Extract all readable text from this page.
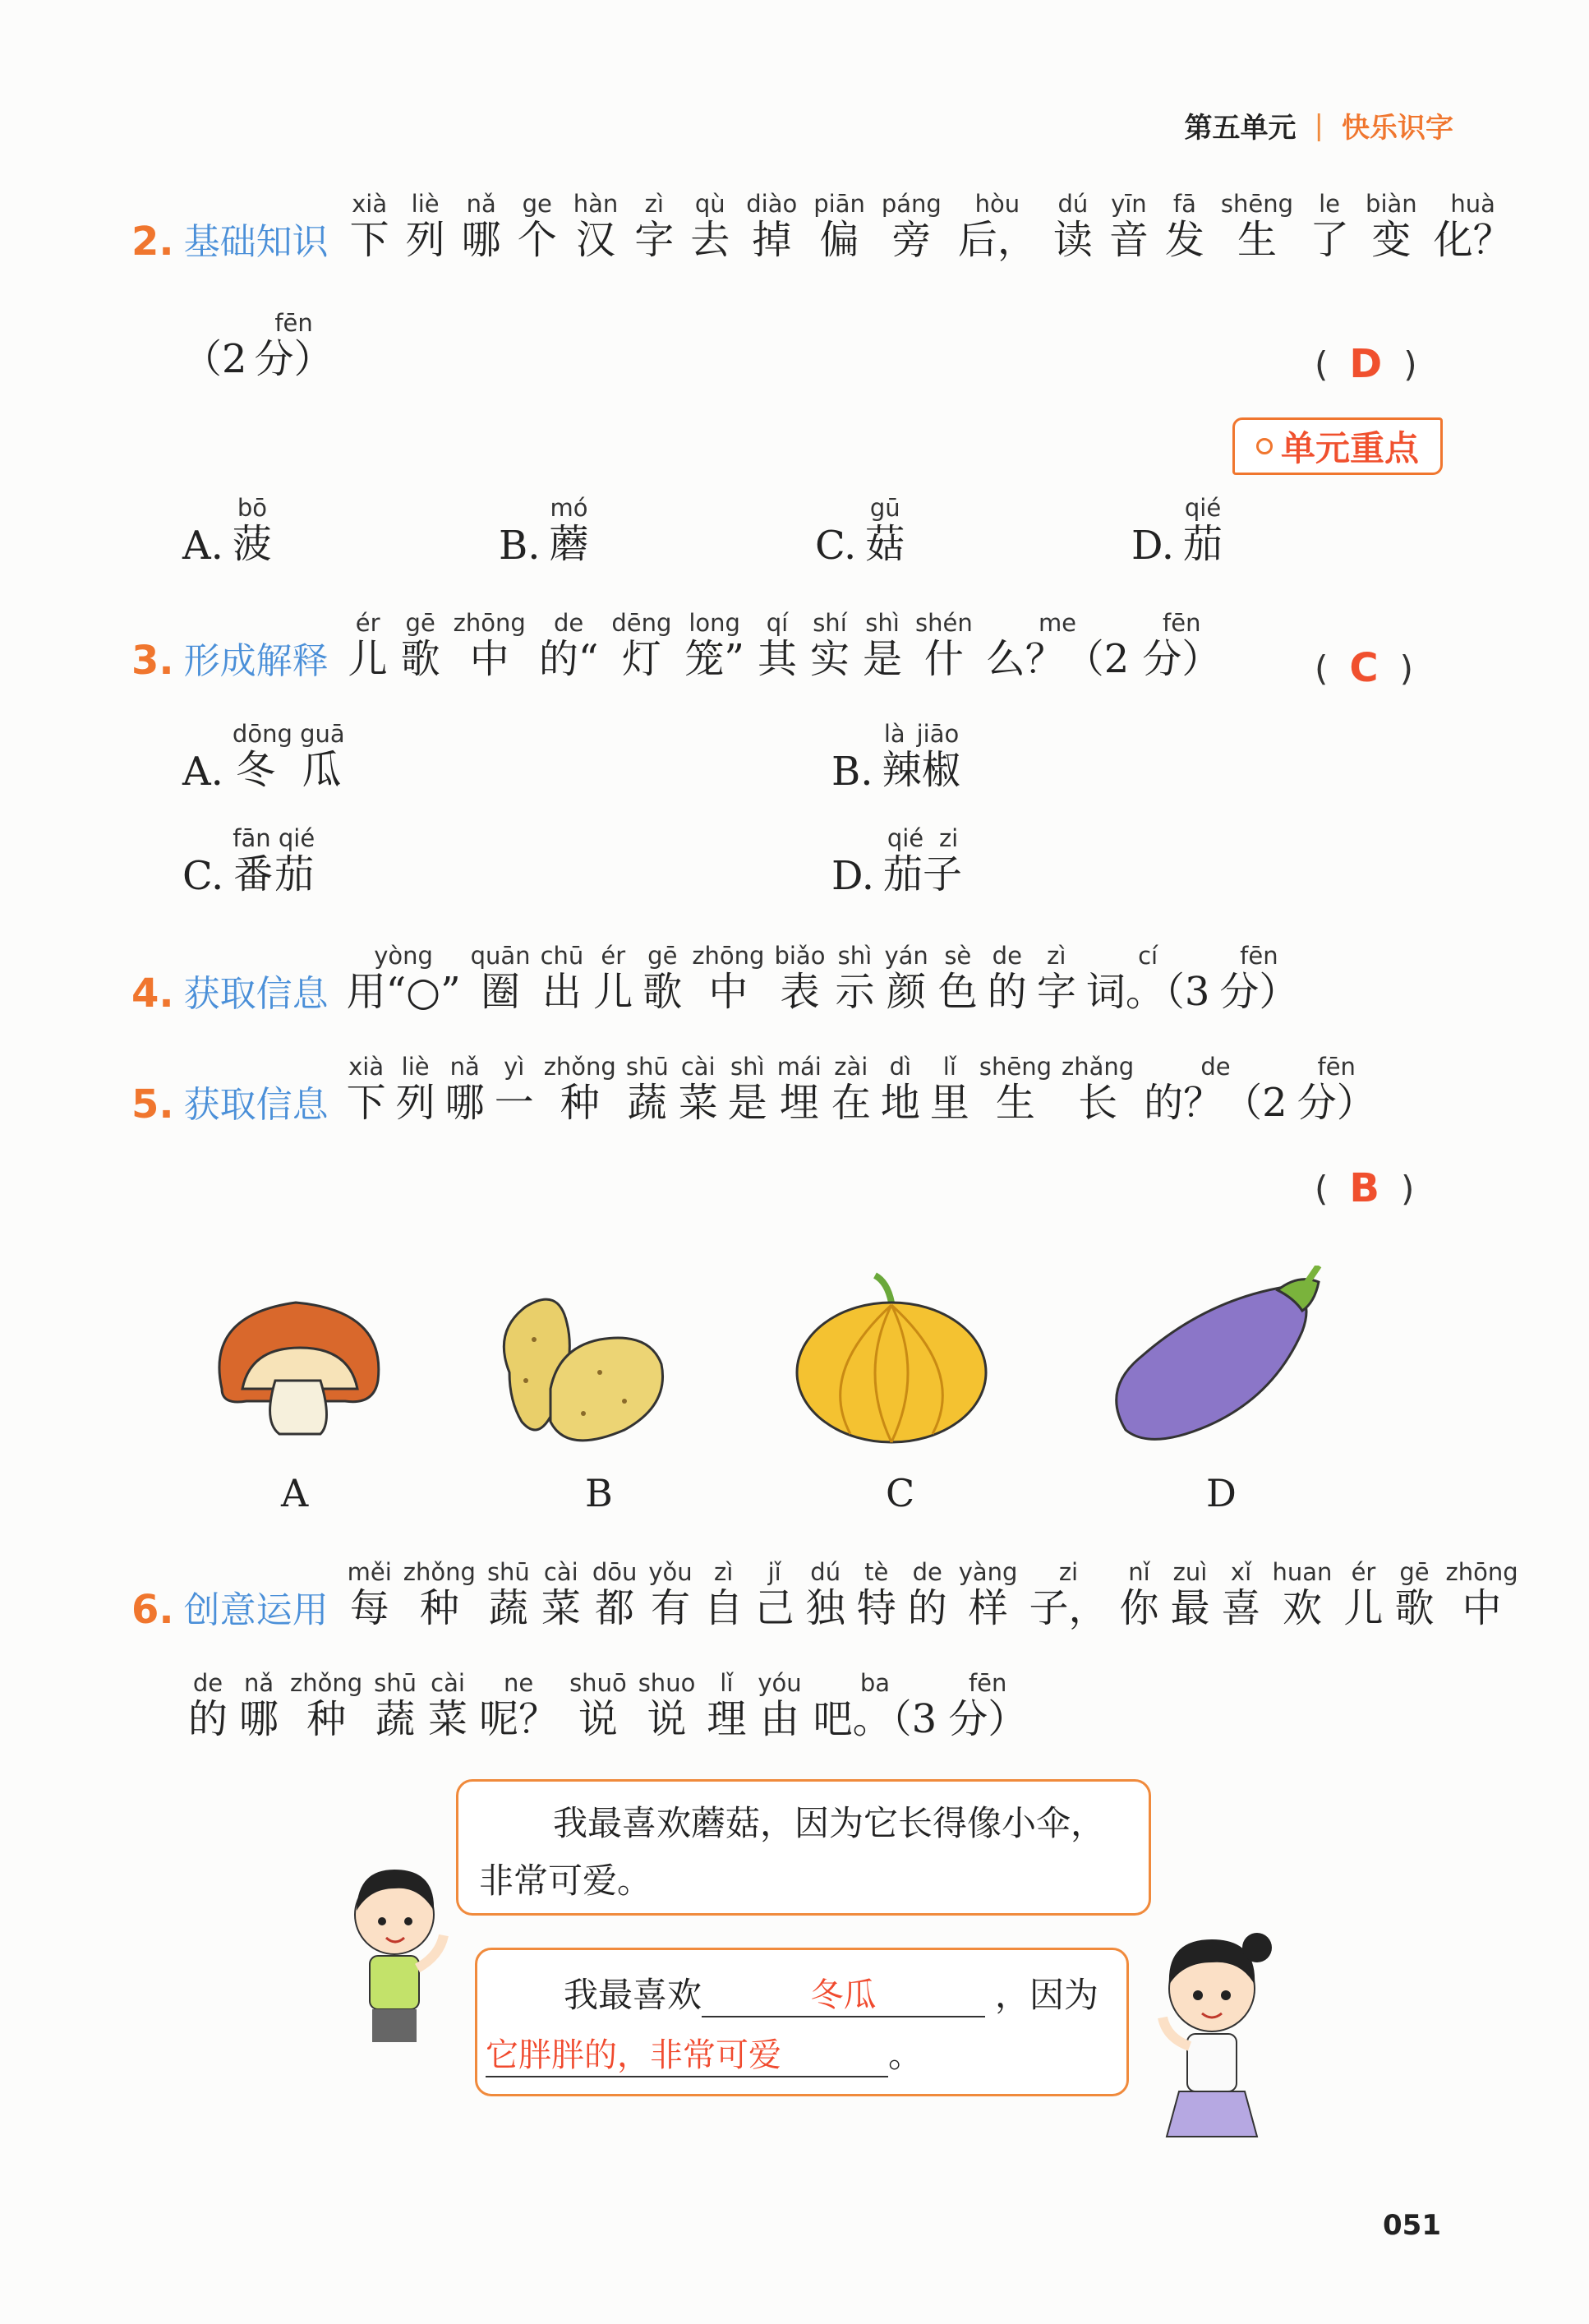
第五单元 | 快乐识字
2. 基础知识 下xià
列liè
哪nǎ
个ge
汉hàn
字zì
去qù
掉diào
偏piān
旁páng
后，hòu
读dú
音yīn
发fā
生shēng
了le
变biàn
化？huà
（2 分）fēn
( D )
单元重点
A. 菠bō
B. 蘑mó
C. 菇gū
D. 茄qié
3. 形成解释 儿ér
歌gē
中zhōng
的“de
灯dēng
笼”long
其qí
实shí
是shì
什shén
么？（2me
分）fēn
( C )
A. 冬 瓜dōng guā
B. 辣椒là jiāo
C. 番茄fān qié
D. 茄子qié zi
4. 获取信息 用“○”yòng
圈quān
出chū
儿ér
歌gē
中zhōng
表biǎo
示shì
颜yán
色sè
的de
字zì
词。（3cí
分）fēn
5. 获取信息 下xià
列liè
哪nǎ
一yì
种zhǒng
蔬shū
菜cài
是shì
埋mái
在zài
地dì
里lǐ
生shēng
长zhǎng
的？（2de
分）fēn
( B )
A	B	C	D
6. 创意运用 每měi
种zhǒng
蔬shū
菜cài
都dōu
有yǒu
自zì
己jǐ
独dú
特tè
的de
样yàng
子，zi
你nǐ
最zuì
喜xǐ
欢huan
儿ér
歌gē
中zhōng
的de
哪nǎ
种zhǒng
蔬shū
菜cài
呢？ne
说shuō
说shuo
理lǐ
由yóu
吧。（3ba
分）fēn
我最喜欢蘑菇，因为它长得像小伞，
非常可爱。
我最喜欢	冬瓜	，因为
它胖胖的，非常可爱	。
051
